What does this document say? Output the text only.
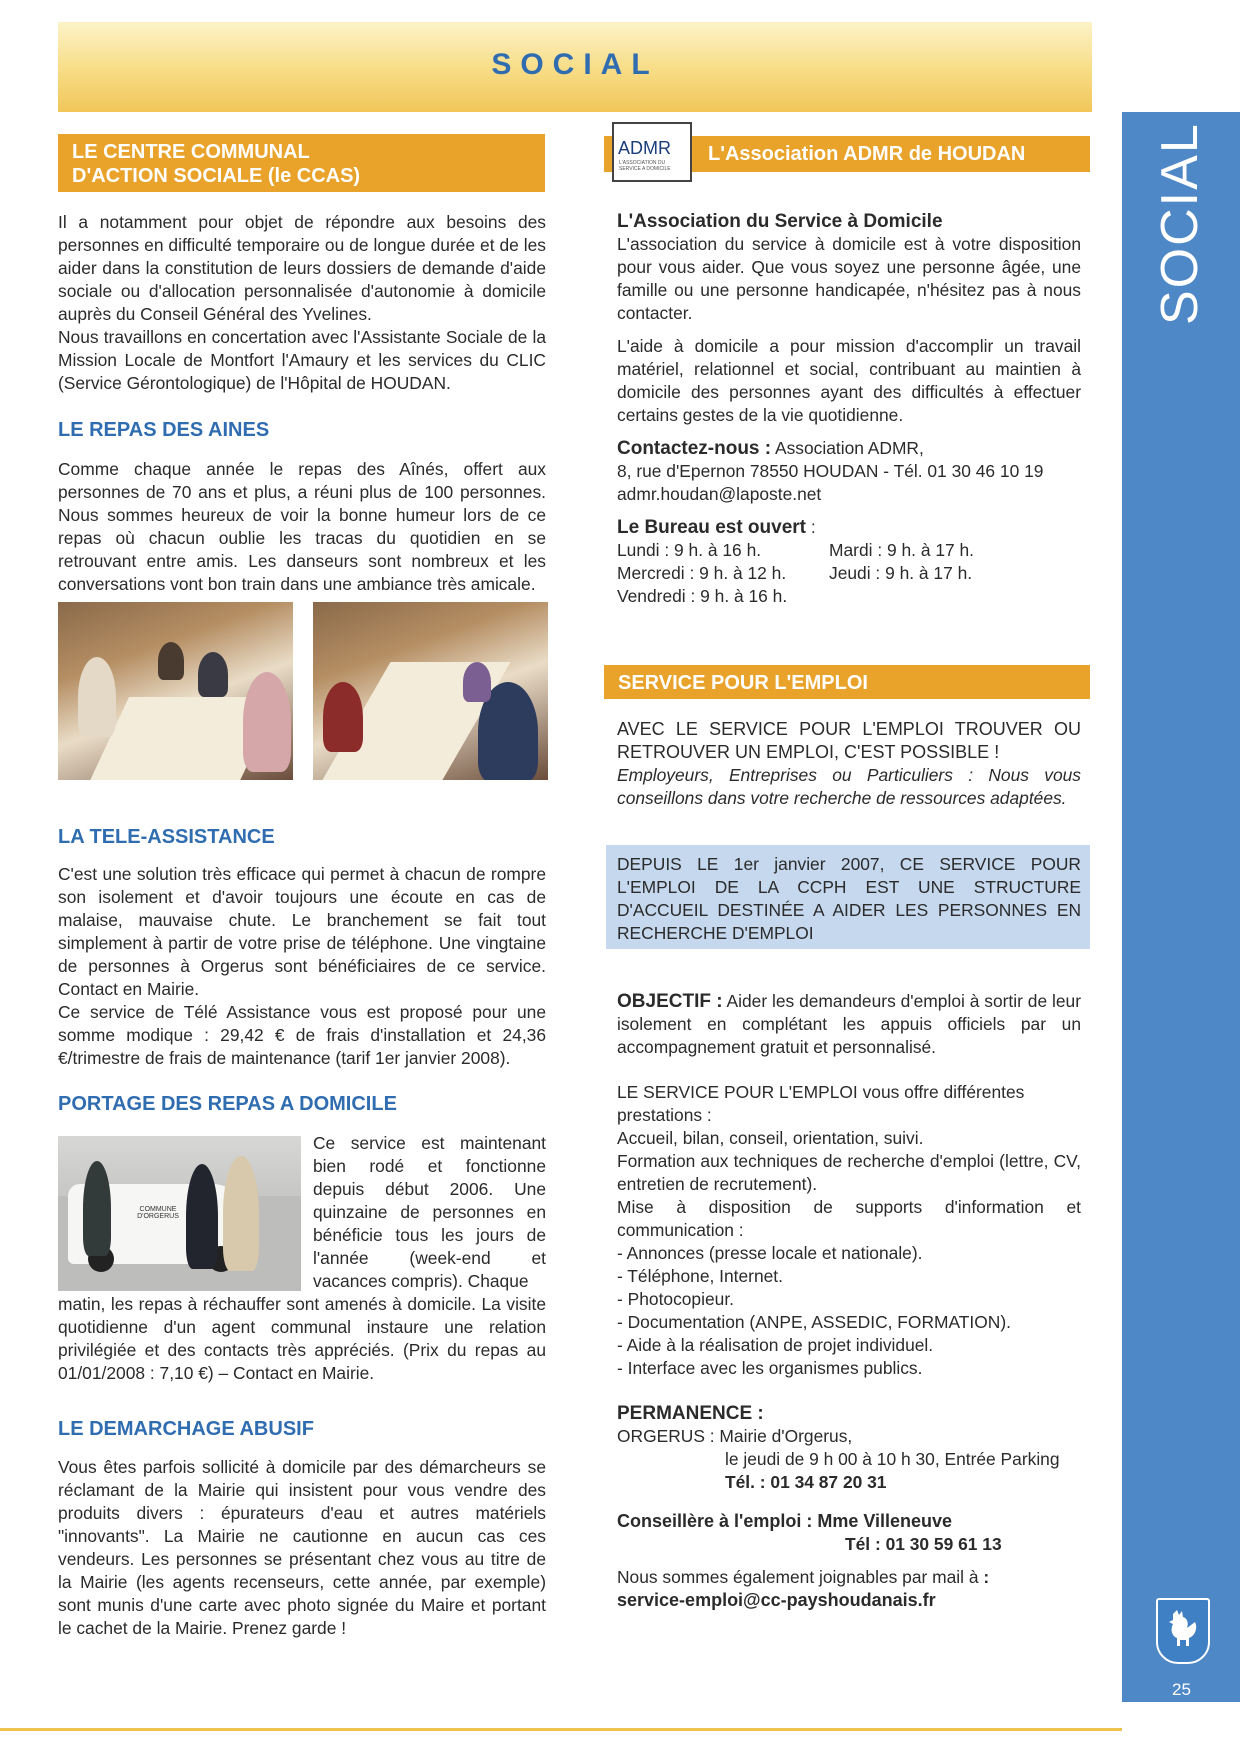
SOCIAL
SOCIAL
25
LE CENTRE COMMUNAL
D'ACTION SOCIALE (le CCAS)

Il a notamment pour objet de répondre aux besoins des personnes en difficulté temporaire ou de longue durée et de les aider dans la constitution de leurs dossiers de demande d'aide sociale ou d'allocation personnalisée d'autonomie à domicile auprès du Conseil Général des Yvelines.

Nous travaillons en concertation avec l'Assistante Sociale de la Mission Locale de Montfort l'Amaury et les services du CLIC (Service Gérontologique) de l'Hôpital de HOUDAN.

LE REPAS DES AINES
Comme chaque année le repas des Aînés, offert aux personnes de 70 ans et plus, a réuni plus de 100 personnes. Nous sommes heureux de voir la bonne humeur lors de ce repas où chacun oublie les tracas du quotidien en se retrouvant entre amis. Les danseurs sont nombreux et les conversations vont bon train dans une ambiance très amicale.
LA TELE-ASSISTANCE

C'est une solution très efficace qui permet à chacun de rompre son isolement et d'avoir toujours une écoute en cas de malaise, mauvaise chute. Le branchement se fait tout simplement à partir de votre prise de téléphone. Une vingtaine de personnes à Orgerus sont bénéficiaires de ce service. Contact en Mairie.

Ce service de Télé Assistance vous est proposé pour une somme modique : 29,42 € de frais d'installation et 24,36 €/trimestre de frais de maintenance (tarif 1er janvier 2008).

PORTAGE DES REPAS A DOMICILE
COMMUNE D'ORGERUS
Ce service est maintenant bien rodé et fonctionne depuis début 2006. Une quinzaine de personnes en bénéficie tous les jours de l'année (week-end et vacances compris). Chaque
matin, les repas à réchauffer sont amenés à domicile. La visite quotidienne d'un agent communal instaure une relation privilégiée et des contacts très appréciés. (Prix du repas au 01/01/2008 : 7,10 €) – Contact en Mairie.
LE DEMARCHAGE ABUSIF
Vous êtes parfois sollicité à domicile par des démarcheurs se réclamant de la Mairie qui insistent pour vous vendre des produits divers : épurateurs d'eau et autres matériels "innovants". La Mairie ne cautionne en aucun cas ces vendeurs. Les personnes se présentant chez vous au titre de la Mairie (les agents recenseurs, cette année, par exemple) sont munis d'une carte avec photo signée du Maire et portant le cachet de la Mairie. Prenez garde !
L'Association ADMR de HOUDAN
ADMR
L'ASSOCIATION DU SERVICE A DOMICILE

L'Association du Service à Domicile

L'association du service à domicile est à votre disposition pour vous aider. Que vous soyez une personne âgée, une famille ou une personne handicapée, n'hésitez pas à nous contacter.

L'aide à domicile a pour mission d'accomplir un travail matériel, relationnel et social, contribuant au maintien à domicile des personnes ayant des difficultés à effectuer certains gestes de la vie quotidienne.

Contactez-nous : Association ADMR,

8, rue d'Epernon 78550 HOUDAN - Tél. 01 30 46 10 19

admr.houdan@laposte.net

Le Bureau est ouvert :

Lundi : 9 h. à 16 h.	Mardi : 9 h. à 17 h.

Mercredi : 9 h. à 12 h. Jeudi : 9 h. à 17 h.

Vendredi : 9 h. à 16 h.

SERVICE POUR L'EMPLOI

AVEC LE SERVICE POUR L'EMPLOI TROUVER OU RETROUVER UN EMPLOI, C'EST POSSIBLE !

Employeurs, Entreprises ou Particuliers : Nous vous conseillons dans votre recherche de ressources adaptées.

DEPUIS LE 1er janvier 2007, CE SERVICE POUR L'EMPLOI DE LA CCPH EST UNE STRUCTURE D'ACCUEIL DESTINÉE A AIDER LES PERSONNES EN RECHERCHE D'EMPLOI

OBJECTIF : Aider les demandeurs d'emploi à sortir de leur isolement en complétant les appuis officiels par un accompagnement gratuit et personnalisé.

LE SERVICE POUR L'EMPLOI vous offre différentes prestations :

Accueil, bilan, conseil, orientation, suivi.

Formation aux techniques de recherche d'emploi (lettre, CV, entretien de recrutement).

Mise à disposition de supports d'information et communication :

- Annonces (presse locale et nationale).

- Téléphone, Internet.

- Photocopieur.

- Documentation (ANPE, ASSEDIC, FORMATION).

- Aide à la réalisation de projet individuel.

- Interface avec les organismes publics.

PERMANENCE :

ORGERUS : Mairie d'Orgerus,

le jeudi de 9 h 00 à 10 h 30, Entrée Parking

Tél. : 01 34 87 20 31

Conseillère à l'emploi : Mme Villeneuve

Tél : 01 30 59 61 13

Nous sommes également joignables par mail à :

service-emploi@cc-payshoudanais.fr
